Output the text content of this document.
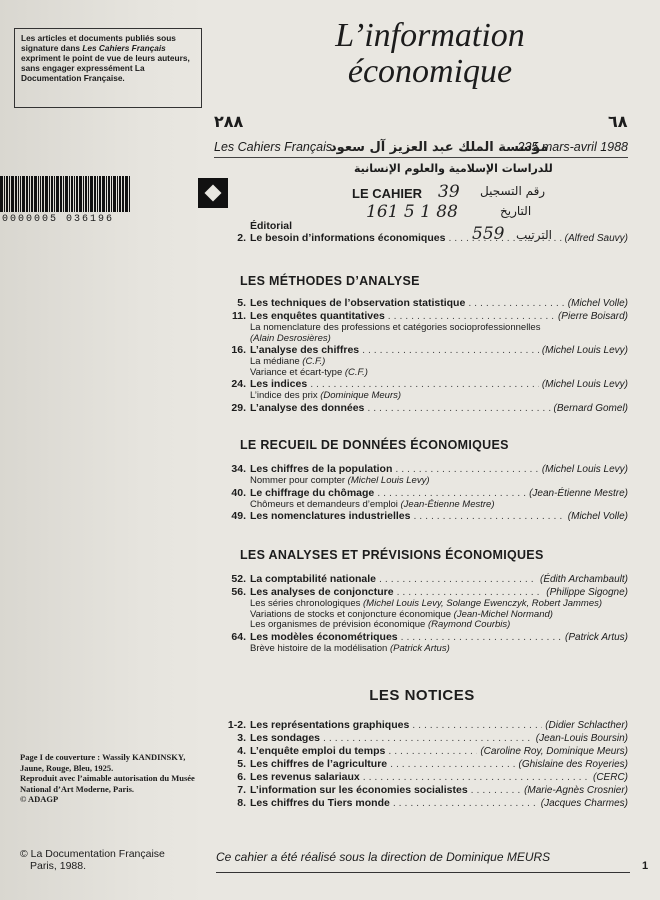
Les articles et documents publiés sous signature dans Les Cahiers Français expriment le point de vue de leurs auteurs, sans engager expressément La Documentation Française.
L’information
économique
٢٨٨	٦٨
Les Cahiers Français	235 mars-avril 1988
مؤسسة الملك عبد العزيز آل سعود
للدراسات الإسلامية والعلوم الإنسانية
LE CAHIER 39 رقم التسجيل
التاريخ
161 5 1 88
الترتيب
559
0000005 036196
Éditorial
2. Le besoin d’informations économiques . . .	(Alfred Sauvy)
LES MÉTHODES D’ANALYSE
5. Les techniques de l’observation statistique . . .	(Michel Volle)
11. Les enquêtes quantitatives . . .	(Pierre Boisard)
La nomenclature des professions et catégories socioprofessionnelles
(Alain Desrosières)
16. L’analyse des chiffres . . .	(Michel Louis Levy)
La médiane (C.F.)
Variance et écart-type (C.F.)
24. Les indices . . .	(Michel Louis Levy)
L’indice des prix (Dominique Meurs)
29. L’analyse des données . . .	(Bernard Gomel)
LE RECUEIL DE DONNÉES ÉCONOMIQUES
34. Les chiffres de la population . . .	(Michel Louis Levy)
Nommer pour compter (Michel Louis Levy)
40. Le chiffrage du chômage . . .	(Jean-Étienne Mestre)
Chômeurs et demandeurs d’emploi (Jean-Étienne Mestre)
49. Les nomenclatures industrielles . . .	(Michel Volle)
LES ANALYSES ET PRÉVISIONS ÉCONOMIQUES
52. La comptabilité nationale . . .	(Édith Archambault)
56. Les analyses de conjoncture . . .	(Philippe Sigogne)
Les séries chronologiques (Michel Louis Levy, Solange Ewenczyk, Robert Jammes)
Variations de stocks et conjoncture économique (Jean-Michel Normand)
Les organismes de prévision économique (Raymond Courbis)
64. Les modèles économétriques . . .	(Patrick Artus)
Brève histoire de la modélisation (Patrick Artus)
LES NOTICES
1-2. Les représentations graphiques . . .	(Didier Schlacther)
3. Les sondages . . .	(Jean-Louis Boursin)
4. L’enquête emploi du temps . . .	(Caroline Roy, Dominique Meurs)
5. Les chiffres de l’agriculture . . .	(Ghislaine des Royeries)
6. Les revenus salariaux . . .	(CERC)
7. L’information sur les économies socialistes . . .	(Marie-Agnès Crosnier)
8. Les chiffres du Tiers monde . . .	(Jacques Charmes)
Page I de couverture : Wassily KANDINSKY,
Jaune, Rouge, Bleu, 1925.
Reproduit avec l’aimable autorisation du Musée
National d’Art Moderne, Paris.
© ADAGP
© La Documentation Française
Paris, 1988.
Ce cahier a été réalisé sous la direction de Dominique MEURS
1
